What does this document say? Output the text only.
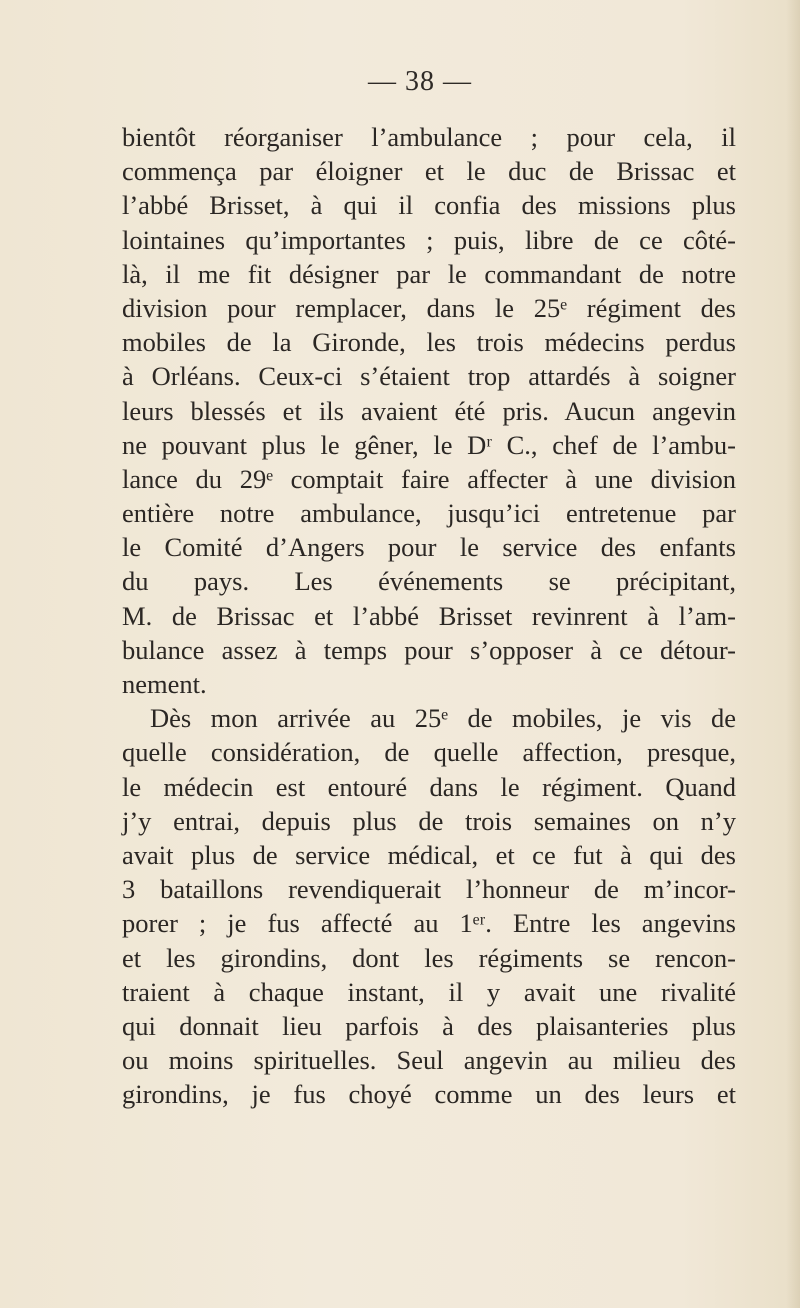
— 38 —
bientôt réorganiser l’ambulance ; pour cela, il
commença par éloigner et le duc de Brissac et
l’abbé Brisset, à qui il confia des missions plus
lointaines qu’importantes ; puis, libre de ce côté-
là, il me fit désigner par le commandant de notre
division pour remplacer, dans le 25ᵉ régiment des
mobiles de la Gironde, les trois médecins perdus
à Orléans. Ceux-ci s’étaient trop attardés à soigner
leurs blessés et ils avaient été pris. Aucun angevin
ne pouvant plus le gêner, le Dʳ C., chef de l’ambu-
lance du 29ᵉ comptait faire affecter à une division
entière notre ambulance, jusqu’ici entretenue par
le Comité d’Angers pour le service des enfants
du pays. Les événements se précipitant,
M. de Brissac et l’abbé Brisset revinrent à l’am-
bulance assez à temps pour s’opposer à ce détour-
nement.
Dès mon arrivée au 25ᵉ de mobiles, je vis de
quelle considération, de quelle affection, presque,
le médecin est entouré dans le régiment. Quand
j’y entrai, depuis plus de trois semaines on n’y
avait plus de service médical, et ce fut à qui des
3 bataillons revendiquerait l’honneur de m’incor-
porer ; je fus affecté au 1ᵉʳ. Entre les angevins
et les girondins, dont les régiments se rencon-
traient à chaque instant, il y avait une rivalité
qui donnait lieu parfois à des plaisanteries plus
ou moins spirituelles. Seul angevin au milieu des
girondins, je fus choyé comme un des leurs et
